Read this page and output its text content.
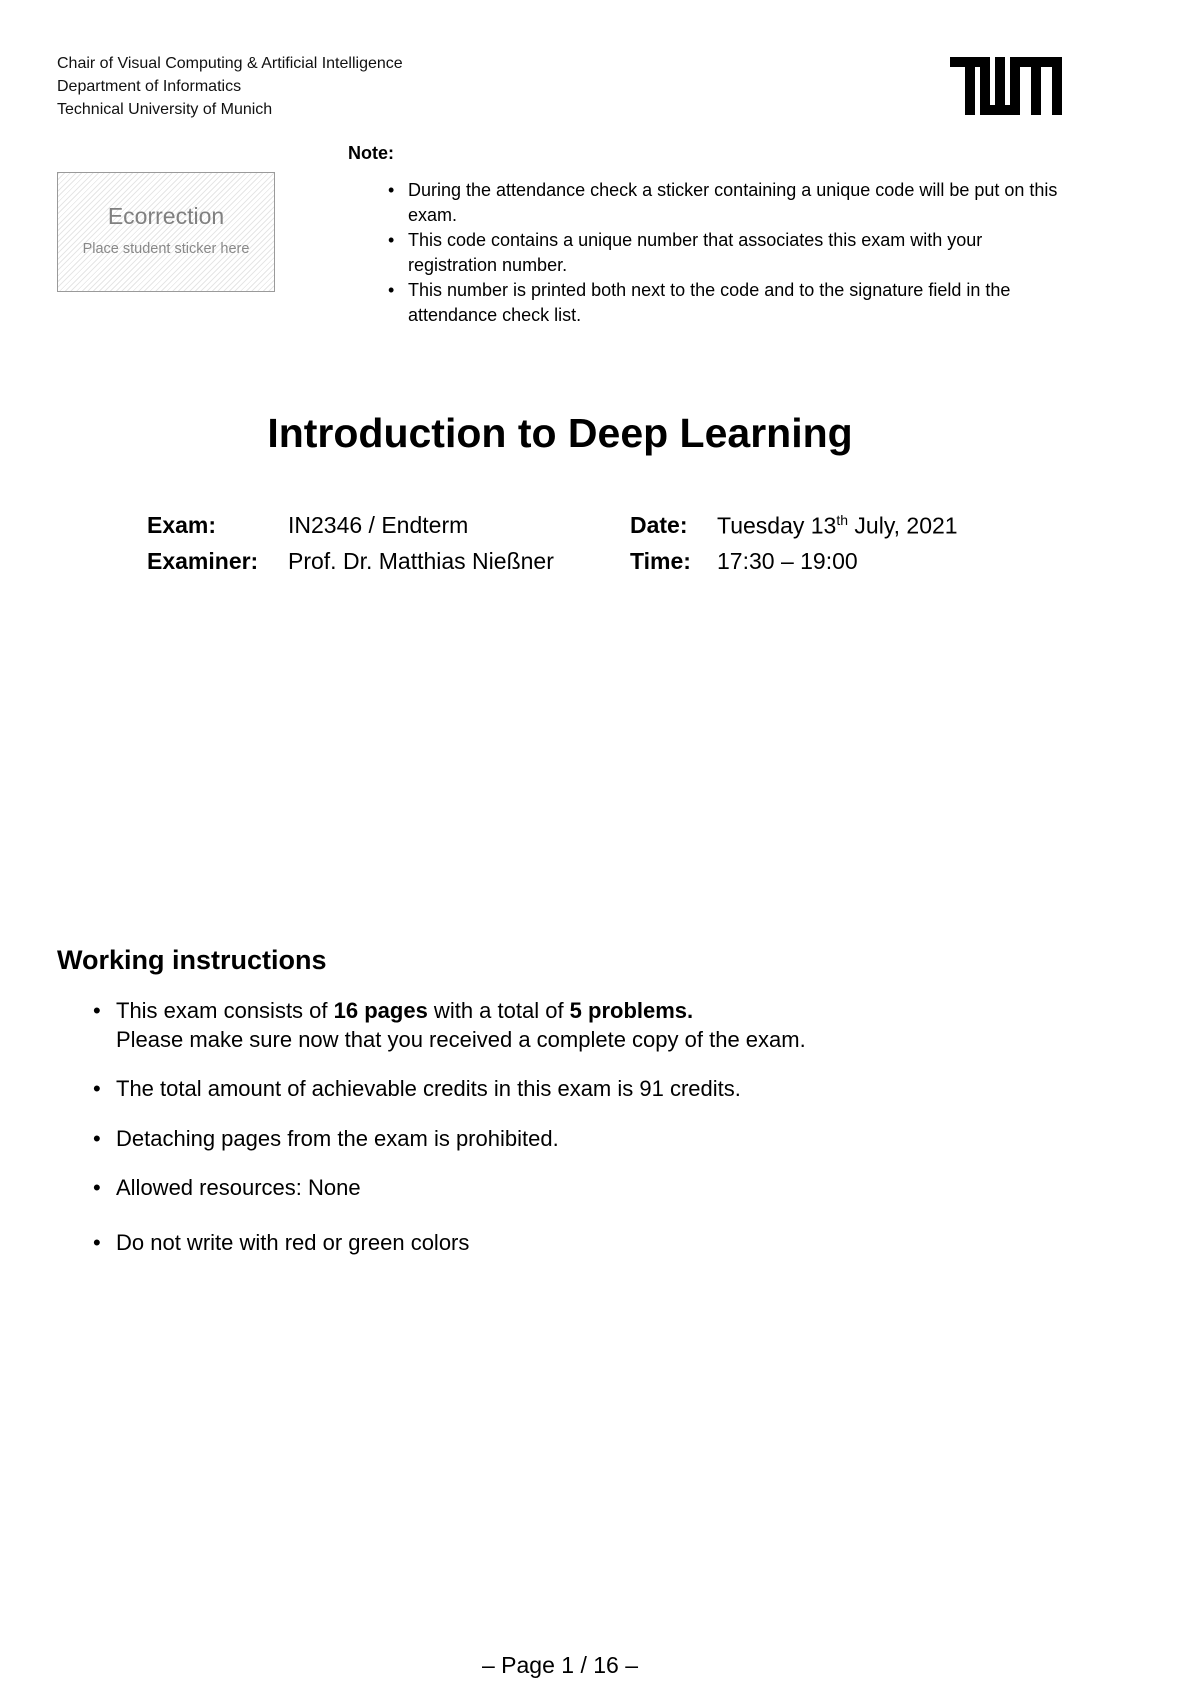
Chair of Visual Computing & Artificial Intelligence
Department of Informatics
Technical University of Munich
Ecorrection
Place student sticker here
Note:
• During the attendance check a sticker containing a unique code will be put on this exam.
• This code contains a unique number that associates this exam with your registration number.
• This number is printed both next to the code and to the signature field in the attendance check list.
Introduction to Deep Learning
Exam:	IN2346 / Endterm	Date: Tuesday 13th July, 2021
Examiner: Prof. Dr. Matthias Nießner	Time: 17:30 – 19:00
Working instructions
• This exam consists of 16 pages with a total of 5 problems.
Please make sure now that you received a complete copy of the exam.
• The total amount of achievable credits in this exam is 91 credits.
• Detaching pages from the exam is prohibited.
• Allowed resources: None
• Do not write with red or green colors
– Page 1 / 16 –
